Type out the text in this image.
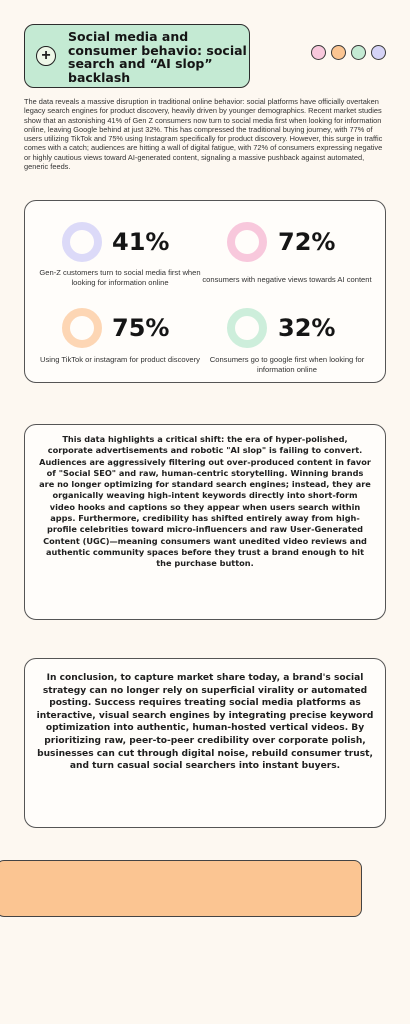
+
Social media and consumer behavio: social search and “AI slop” backlash

The data reveals a massive disruption in traditional online behavior: social platforms have officially overtaken legacy search engines for product discovery, heavily driven by younger demographics. Recent market studies show that an astonishing 41% of Gen Z consumers now turn to social media first when looking for information online, leaving Google behind at just 32%. This has compressed the traditional buying journey, with 77% of users utilizing TikTok and 75% using Instagram specifically for product discovery. However, this surge in traffic comes with a catch; audiences are hitting a wall of digital fatigue, with 72% of consumers expressing negative or highly cautious views toward AI-generated content, signaling a massive pushback against automated, generic feeds.

41%
Gen-Z customers turn to social media first when looking for information online
72%
consumers with negative views towards AI content
75%
Using TikTok or instagram for product discovery
32%
Consumers go to google first when looking for information online

This data highlights a critical shift: the era of hyper-polished, corporate advertisements and robotic "AI slop" is failing to convert. Audiences are aggressively filtering out over-produced content in favor of "Social SEO" and raw, human-centric storytelling. Winning brands are no longer optimizing for standard search engines; instead, they are organically weaving high-intent keywords directly into short-form video hooks and captions so they appear when users search within apps. Furthermore, credibility has shifted entirely away from high-profile celebrities toward micro-influencers and raw User-Generated Content (UGC)—meaning consumers want unedited video reviews and authentic community spaces before they trust a brand enough to hit the purchase button.

In conclusion, to capture market share today, a brand's social strategy can no longer rely on superficial virality or automated posting. Success requires treating social media platforms as interactive, visual search engines by integrating precise keyword optimization into authentic, human-hosted vertical videos. By prioritizing raw, peer-to-peer credibility over corporate polish, businesses can cut through digital noise, rebuild consumer trust, and turn casual social searchers into instant buyers.
